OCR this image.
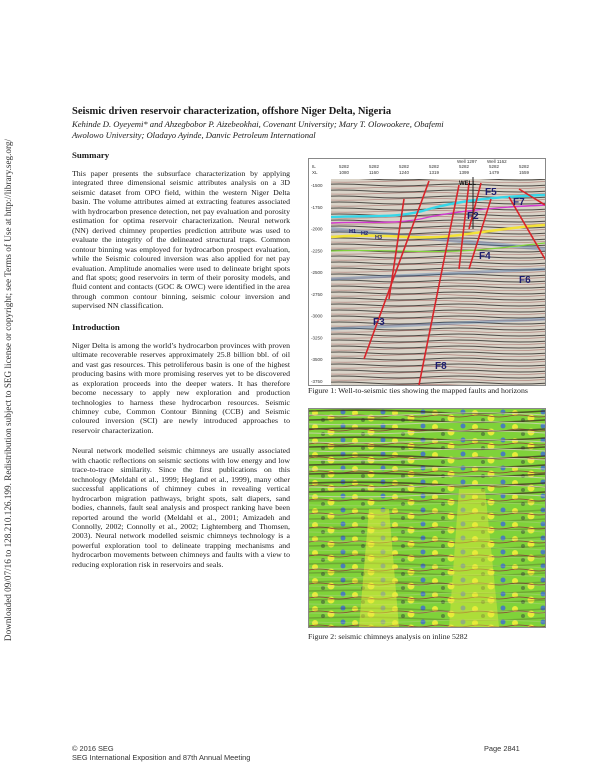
Downloaded 09/07/16 to 128.210.126.199. Redistribution subject to SEG license or copyright; see Terms of Use at http://library.seg.org/

Seismic driven reservoir characterization, offshore Niger Delta, Nigeria

Kehinde D. Oyeyemi* and Ahzegbobor P. Aizebeokhai, Covenant University; Mary T. Olowookere, Obafemi

Awolowo University; Oladayo Ayinde, Danvic Petroleum International

Summary

This paper presents the subsurface characterization by applying integrated three dimensional seismic attributes analysis on a 3D seismic dataset from OPO field, within the western Niger Delta basin. The volume attributes aimed at extracting features associated with hydrocarbon presence detection, net pay evaluation and porosity estimation for optima reservoir characterization. Neural network (NN) derived chimney properties prediction attribute was used to evaluate the integrity of the delineated structural traps. Common contour binning was employed for hydrocarbon prospect evaluation, while the Seismic coloured inversion was also applied for net pay evaluation. Amplitude anomalies were used to delineate bright spots and flat spots; good reservoirs in term of their porosity models, and fluid content and contacts (GOC & OWC) were identified in the area through common contour binning, seismic colour inversion and supervised NN classification.

Introduction

Niger Delta is among the world’s hydrocarbon provinces with proven ultimate recoverable reserves approximately 25.8 billion bbl. of oil and vast gas resources. This petroliferous basin is one of the highest producing basins with more promising reserves yet to be discovered as exploration proceeds into the deeper waters. It has therefore become necessary to apply new exploration and production technologies to harness these hydrocarbon resources. Seismic chimney cube, Common Contour Binning (CCB) and Seismic coloured inversion (SCI) are newly introduced approaches to reservoir characterization.

Neural network modelled seismic chimneys are usually associated with chaotic reflections on seismic sections with low energy and low trace-to-trace similarity. Since the first publications on this technology (Meldahl et al., 1999; Hegland et al., 1999), many other successful applications of chimney cubes in revealing vertical hydrocarbon migration pathways, bright spots, salt diapers, sand bodies, channels, fault seal analysis and prospect ranking have been reported around the world (Meldahl et al., 2001; Amizadeh and Connolly, 2002; Connolly et al., 2002; Lightemberg and Thomsen, 2003). Neural network modelled seismic chimneys technology is a powerful exploration tool to delineate trapping mechanisms and hydrocarbon movements between chimneys and faults with a view to reducing exploration risk in reservoirs and seals.

IL
XL
5282
1080
5282
1160
5282
1240
5282
1319
5282
1399
5282
1479
5282
1559
-1500
-1750
-2000
-2250
-2500
-2750
-3000
-3250
-3500
-3750
Well 1297 Well 1162
WELL
H1 H2
H3
F5
F7
F2
F4
F6
F3
F8

Figure 1: Well-to-seismic ties showing the mapped faults and horizons

Figure 2: seismic chimneys analysis on inline 5282

© 2016 SEG
SEG International Exposition and 87th Annual Meeting
Page 2841
